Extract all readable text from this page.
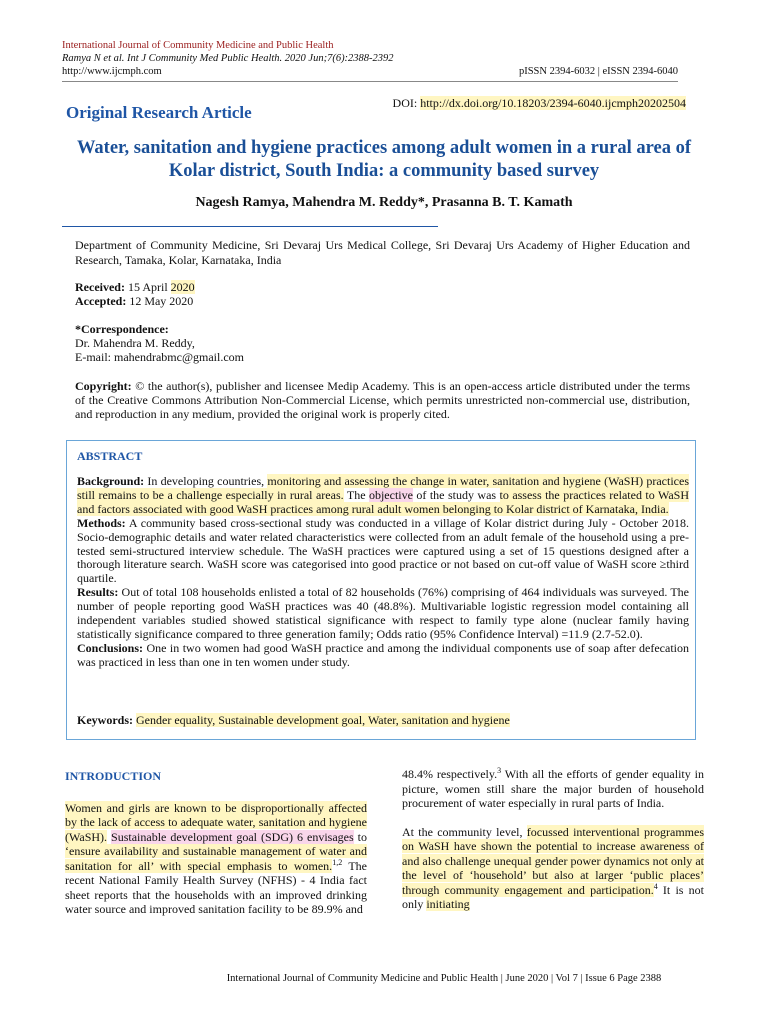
International Journal of Community Medicine and Public Health
Ramya N et al. Int J Community Med Public Health. 2020 Jun;7(6):2388-2392
http://www.ijcmph.com	pISSN 2394-6032 | eISSN 2394-6040
DOI: http://dx.doi.org/10.18203/2394-6040.ijcmph20202504
Original Research Article
Water, sanitation and hygiene practices among adult women in a rural area of Kolar district, South India: a community based survey
Nagesh Ramya, Mahendra M. Reddy*, Prasanna B. T. Kamath
Department of Community Medicine, Sri Devaraj Urs Medical College, Sri Devaraj Urs Academy of Higher Education and Research, Tamaka, Kolar, Karnataka, India
Received: 15 April 2020
Accepted: 12 May 2020
*Correspondence:
Dr. Mahendra M. Reddy,
E-mail: mahendrabmc@gmail.com
Copyright: © the author(s), publisher and licensee Medip Academy. This is an open-access article distributed under the terms of the Creative Commons Attribution Non-Commercial License, which permits unrestricted non-commercial use, distribution, and reproduction in any medium, provided the original work is properly cited.
ABSTRACT

Background: In developing countries, monitoring and assessing the change in water, sanitation and hygiene (WaSH) practices still remains to be a challenge especially in rural areas. The objective of the study was to assess the practices related to WaSH and factors associated with good WaSH practices among rural adult women belonging to Kolar district of Karnataka, India.

Methods: A community based cross-sectional study was conducted in a village of Kolar district during July - October 2018. Socio-demographic details and water related characteristics were collected from an adult female of the household using a pre-tested semi-structured interview schedule. The WaSH practices were captured using a set of 15 questions designed after a thorough literature search. WaSH score was categorised into good practice or not based on cut-off value of WaSH score ≥third quartile.

Results: Out of total 108 households enlisted a total of 82 households (76%) comprising of 464 individuals was surveyed. The number of people reporting good WaSH practices was 40 (48.8%). Multivariable logistic regression model containing all independent variables studied showed statistical significance with respect to family type alone (nuclear family having statistically significance compared to three generation family; Odds ratio (95% Confidence Interval) =11.9 (2.7-52.0).

Conclusions: One in two women had good WaSH practice and among the individual components use of soap after defecation was practiced in less than one in ten women under study.

Keywords: Gender equality, Sustainable development goal, Water, sanitation and hygiene
INTRODUCTION

Women and girls are known to be disproportionally affected by the lack of access to adequate water, sanitation and hygiene (WaSH). Sustainable development goal (SDG) 6 envisages to ‘ensure availability and sustainable management of water and sanitation for all’ with special emphasis to women.$^{1,2}$ The recent National Family Health Survey (NFHS) - 4 India fact sheet reports that the households with an improved drinking water source and improved sanitation facility to be 89.9% and

48.4% respectively.$^3$ With all the efforts of gender equality in picture, women still share the major burden of household procurement of water especially in rural parts of India.

At the community level, focussed interventional programmes on WaSH have shown the potential to increase awareness of and also challenge unequal gender power dynamics not only at the level of ‘household’ but also at larger ‘public places’ through community engagement and participation.$^4$ It is not only initiating

International Journal of Community Medicine and Public Health | June 2020 | Vol 7 | Issue 6 Page 2388
